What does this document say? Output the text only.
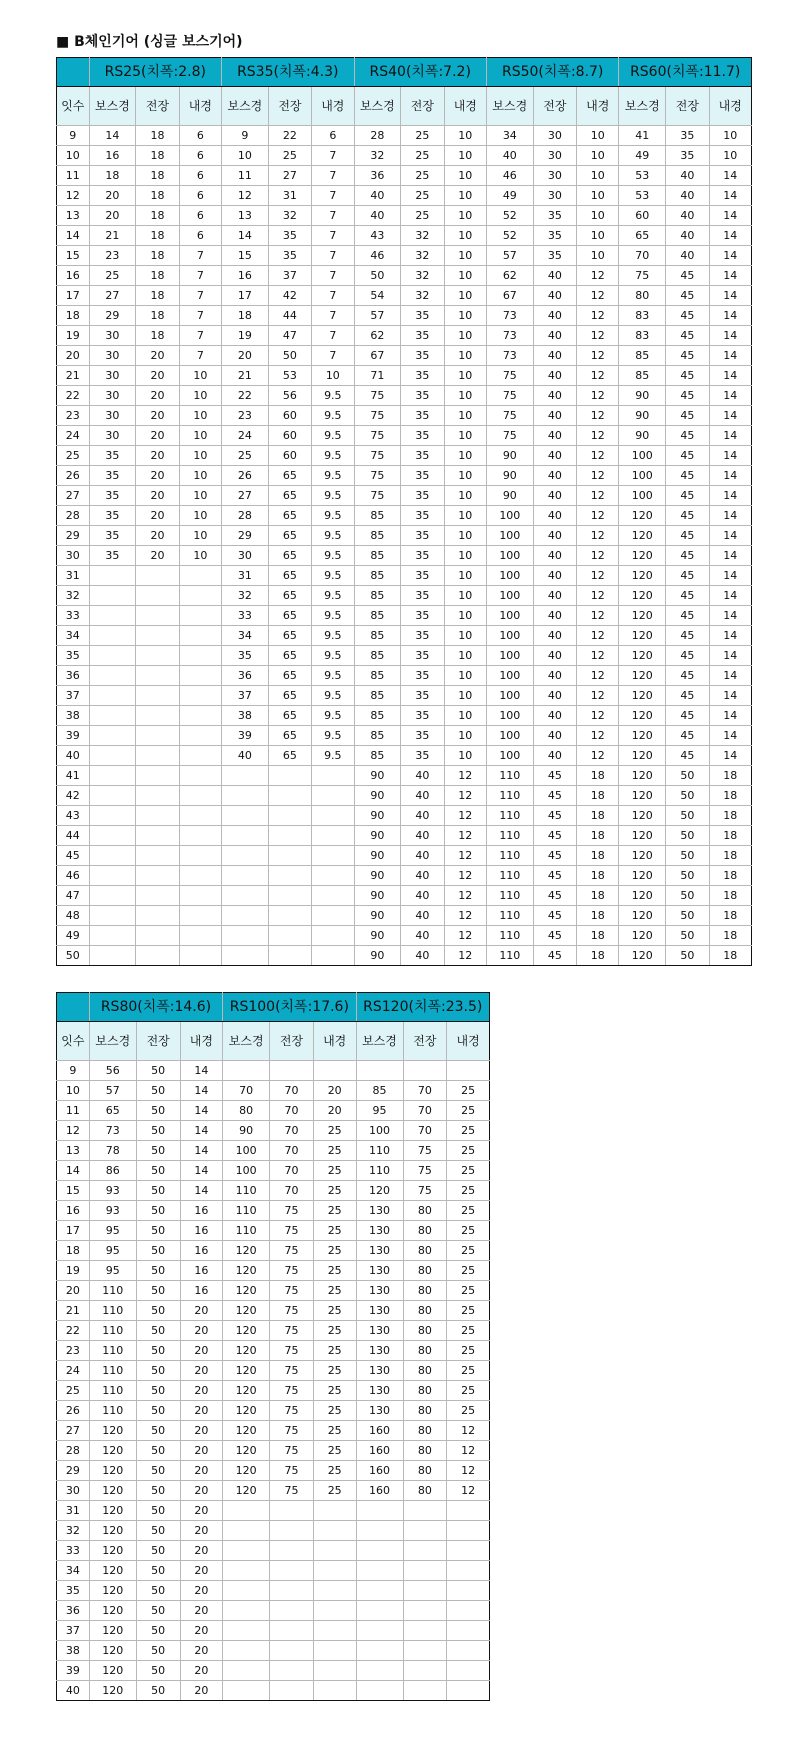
■ B체인기어 (싱글 보스기어)
	RS25(치폭:2.8)			RS35(치폭:4.3)			RS40(치폭:7.2)			RS50(치폭:8.7)			RS60(치폭:11.7)		
잇수	보스경	전장	내경	보스경	전장	내경	보스경	전장	내경	보스경	전장	내경	보스경	전장	내경
9	14	18	6	9	22	6	28	25	10	34	30	10	41	35	10
10	16	18	6	10	25	7	32	25	10	40	30	10	49	35	10
11	18	18	6	11	27	7	36	25	10	46	30	10	53	40	14
12	20	18	6	12	31	7	40	25	10	49	30	10	53	40	14
13	20	18	6	13	32	7	40	25	10	52	35	10	60	40	14
14	21	18	6	14	35	7	43	32	10	52	35	10	65	40	14
15	23	18	7	15	35	7	46	32	10	57	35	10	70	40	14
16	25	18	7	16	37	7	50	32	10	62	40	12	75	45	14
17	27	18	7	17	42	7	54	32	10	67	40	12	80	45	14
18	29	18	7	18	44	7	57	35	10	73	40	12	83	45	14
19	30	18	7	19	47	7	62	35	10	73	40	12	83	45	14
20	30	20	7	20	50	7	67	35	10	73	40	12	85	45	14
21	30	20	10	21	53	10	71	35	10	75	40	12	85	45	14
22	30	20	10	22	56	9.5	75	35	10	75	40	12	90	45	14
23	30	20	10	23	60	9.5	75	35	10	75	40	12	90	45	14
24	30	20	10	24	60	9.5	75	35	10	75	40	12	90	45	14
25	35	20	10	25	60	9.5	75	35	10	90	40	12	100	45	14
26	35	20	10	26	65	9.5	75	35	10	90	40	12	100	45	14
27	35	20	10	27	65	9.5	75	35	10	90	40	12	100	45	14
28	35	20	10	28	65	9.5	85	35	10	100	40	12	120	45	14
29	35	20	10	29	65	9.5	85	35	10	100	40	12	120	45	14
30	35	20	10	30	65	9.5	85	35	10	100	40	12	120	45	14
31				31	65	9.5	85	35	10	100	40	12	120	45	14
32				32	65	9.5	85	35	10	100	40	12	120	45	14
33				33	65	9.5	85	35	10	100	40	12	120	45	14
34				34	65	9.5	85	35	10	100	40	12	120	45	14
35				35	65	9.5	85	35	10	100	40	12	120	45	14
36				36	65	9.5	85	35	10	100	40	12	120	45	14
37				37	65	9.5	85	35	10	100	40	12	120	45	14
38				38	65	9.5	85	35	10	100	40	12	120	45	14
39				39	65	9.5	85	35	10	100	40	12	120	45	14
40				40	65	9.5	85	35	10	100	40	12	120	45	14
41							90	40	12	110	45	18	120	50	18
42							90	40	12	110	45	18	120	50	18
43							90	40	12	110	45	18	120	50	18
44							90	40	12	110	45	18	120	50	18
45							90	40	12	110	45	18	120	50	18
46							90	40	12	110	45	18	120	50	18
47							90	40	12	110	45	18	120	50	18
48							90	40	12	110	45	18	120	50	18
49							90	40	12	110	45	18	120	50	18
50							90	40	12	110	45	18	120	50	18
	RS80(치폭:14.6)			RS100(치폭:17.6)			RS120(치폭:23.5)		
잇수	보스경	전장	내경	보스경	전장	내경	보스경	전장	내경
9	56	50	14						
10	57	50	14	70	70	20	85	70	25
11	65	50	14	80	70	20	95	70	25
12	73	50	14	90	70	25	100	70	25
13	78	50	14	100	70	25	110	75	25
14	86	50	14	100	70	25	110	75	25
15	93	50	14	110	70	25	120	75	25
16	93	50	16	110	75	25	130	80	25
17	95	50	16	110	75	25	130	80	25
18	95	50	16	120	75	25	130	80	25
19	95	50	16	120	75	25	130	80	25
20	110	50	16	120	75	25	130	80	25
21	110	50	20	120	75	25	130	80	25
22	110	50	20	120	75	25	130	80	25
23	110	50	20	120	75	25	130	80	25
24	110	50	20	120	75	25	130	80	25
25	110	50	20	120	75	25	130	80	25
26	110	50	20	120	75	25	130	80	25
27	120	50	20	120	75	25	160	80	12
28	120	50	20	120	75	25	160	80	12
29	120	50	20	120	75	25	160	80	12
30	120	50	20	120	75	25	160	80	12
31	120	50	20						
32	120	50	20						
33	120	50	20						
34	120	50	20						
35	120	50	20						
36	120	50	20						
37	120	50	20						
38	120	50	20						
39	120	50	20						
40	120	50	20						
